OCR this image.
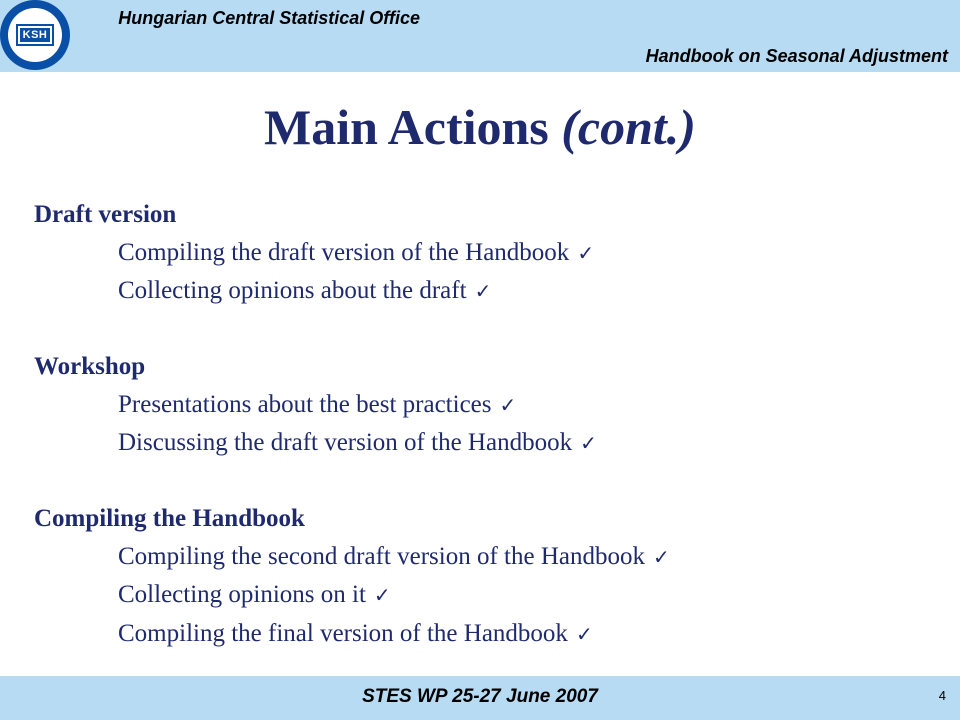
Hungarian Central Statistical Office
Handbook on Seasonal Adjustment
KSH
Main Actions (cont.)
Draft version
Compiling the draft version of the Handbook ✓
Collecting opinions about the draft ✓
Workshop
Presentations about the best practices ✓
Discussing the draft version of the Handbook ✓
Compiling the Handbook
Compiling the second draft version of the Handbook ✓
Collecting opinions on it ✓
Compiling the final version of the Handbook ✓
STES WP 25-27 June 2007	4
